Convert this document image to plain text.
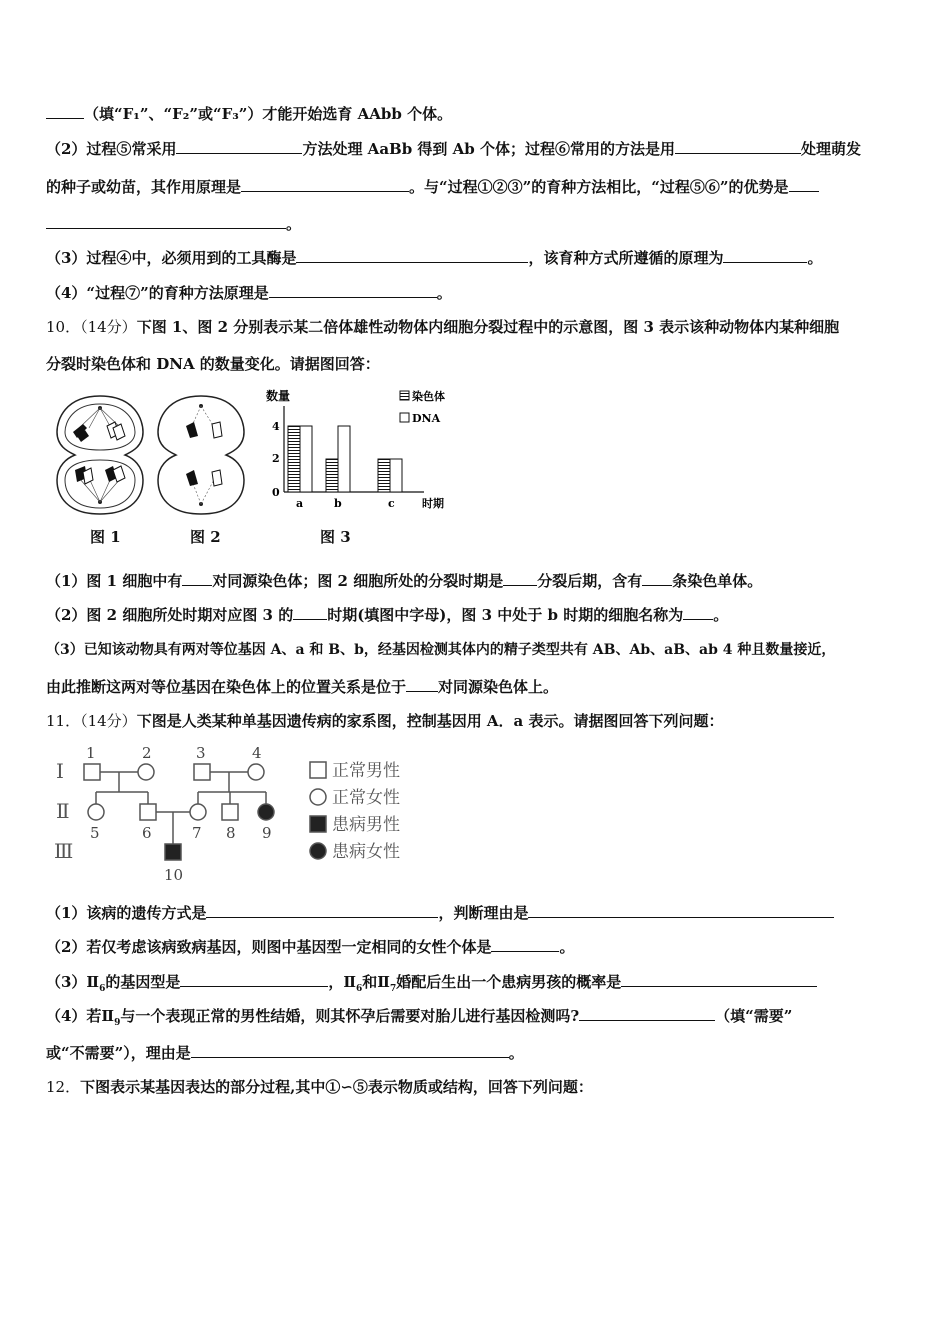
（填“F₁”、“F₂”或“F₃”）才能开始选育 AAbb 个体。
（2）过程⑤常采用	方法处理 AaBb 得到 Ab 个体；过程⑥常用的方法是用	处理萌发
的种子或幼苗，其作用原理是	。与“过程①②③”的育种方法相比，“过程⑤⑥”的优势是
。
（3）过程④中，必须用到的工具酶是	，该育种方式所遵循的原理为	。
（4）“过程⑦”的育种方法原理是	。
10．（14分）下图 1、图 2 分别表示某二倍体雄性动物体内细胞分裂过程中的示意图，图 3 表示该种动物体内某种细胞
分裂时染色体和 DNA 的数量变化。请据图回答：
图 1	图 2
数量
4
2
0
a	b	c 时期
染色体
DNA
图 3
（1）图 1 细胞中有 对同源染色体；图 2 细胞所处的分裂时期是 分裂后期，含有 条染色单体。
（2）图 2 细胞所处时期对应图 3 的 时期(填图中字母)，图 3 中处于 b 时期的细胞名称为 。
（3）已知该动物具有两对等位基因 A、a 和 B、b，经基因检测其体内的精子类型共有 AB、Ab、aB、ab 4 种且数量接近，
由此推断这两对等位基因在染色体上的位置关系是位于 对同源染色体上。
11．（14分）下图是人类某种单基因遗传病的家系图，控制基因用 A．a 表示。请据图回答下列问题：
Ⅰ
Ⅱ
Ⅲ
1	2	3	4
5	6	7 8 9
10
正常男性
正常女性
患病男性
患病女性
（1）该病的遗传方式是	，判断理由是
（2）若仅考虑该病致病基因，则图中基因型一定相同的女性个体是	。
$(3)Ⅱ_6$的基因型是	，$Ⅱ_6$和$Ⅱ_7$婚配后生出一个患病男孩的概率是
（4）若$Ⅱ_9$与一个表现正常的男性结婚，则其怀孕后需要对胎儿进行基因检测吗?	（填“需要”
或“不需要”），理由是	。
12．下图表示某基因表达的部分过程,其中①∽⑤表示物质或结构，回答下列问题：
